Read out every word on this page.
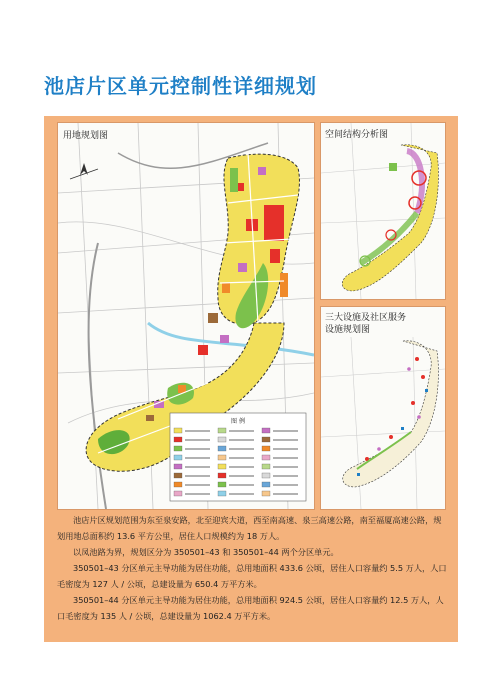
池店片区单元控制性详细规划
用地规划图
图 例
空间结构分析图
三大设施及社区服务
设施规划图

池店片区规划范围为东至泉安路，北至迎宾大道，西至南高速、泉三高速公路，南至福厦高速公路，规划用地总面积约 13.6 平方公里，居住人口规模约为 18 万人。

以凤池路为界，规划区分为 350501–43 和 350501–44 两个分区单元。

350501–43 分区单元主导功能为居住功能，总用地面积 433.6 公顷，居住人口容量约 5.5 万人，人口毛密度为 127 人 / 公顷，总建设量为 650.4 万平方米。

350501–44 分区单元主导功能为居住功能，总用地面积 924.5 公顷，居住人口容量约 12.5 万人，人口毛密度为 135 人 / 公顷，总建设量为 1062.4 万平方米。
